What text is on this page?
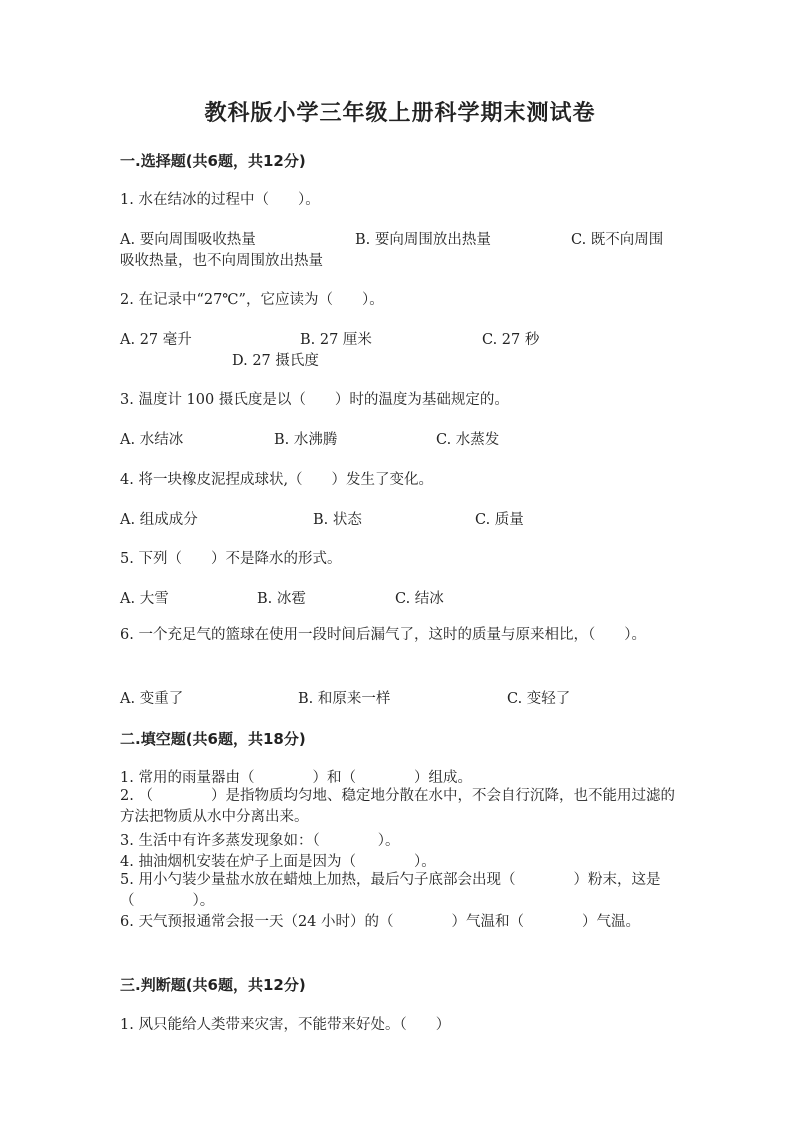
教科版小学三年级上册科学期末测试卷
一.选择题(共6题，共12分)
1. 水在结冰的过程中（　　）。
A. 要向周围吸收热量	B. 要向周围放出热量	C. 既不向周围
吸收热量，也不向周围放出热量
2. 在记录中“27℃”，它应读为（　　）。
A. 27 毫升	B. 27 厘米	C. 27 秒
D. 27 摄氏度
3. 温度计 100 摄氏度是以（　　）时的温度为基础规定的。
A. 水结冰	B. 水沸腾	C. 水蒸发
4. 将一块橡皮泥捏成球状,（　　）发生了变化。
A. 组成成分	B. 状态	C. 质量
5. 下列（　　）不是降水的形式。
A. 大雪	B. 冰雹	C. 结冰
6. 一个充足气的篮球在使用一段时间后漏气了，这时的质量与原来相比，（　　）。
A. 变重了	B. 和原来一样	C. 变轻了
二.填空题(共6题，共18分)
1. 常用的雨量器由（　　　　）和（　　　　）组成。
2. （　　　　）是指物质均匀地、稳定地分散在水中，不会自行沉降，也不能用过滤的方法把物质从水中分离出来。
3. 生活中有许多蒸发现象如：（　　　　）。
4. 抽油烟机安装在炉子上面是因为（　　　　）。
5. 用小勺装少量盐水放在蜡烛上加热，最后勺子底部会出现（　　　　）粉末，这是（　　　　）。
6. 天气预报通常会报一天（24 小时）的（　　　　）气温和（　　　　）气温。
三.判断题(共6题，共12分)
1. 风只能给人类带来灾害，不能带来好处。（　　）
